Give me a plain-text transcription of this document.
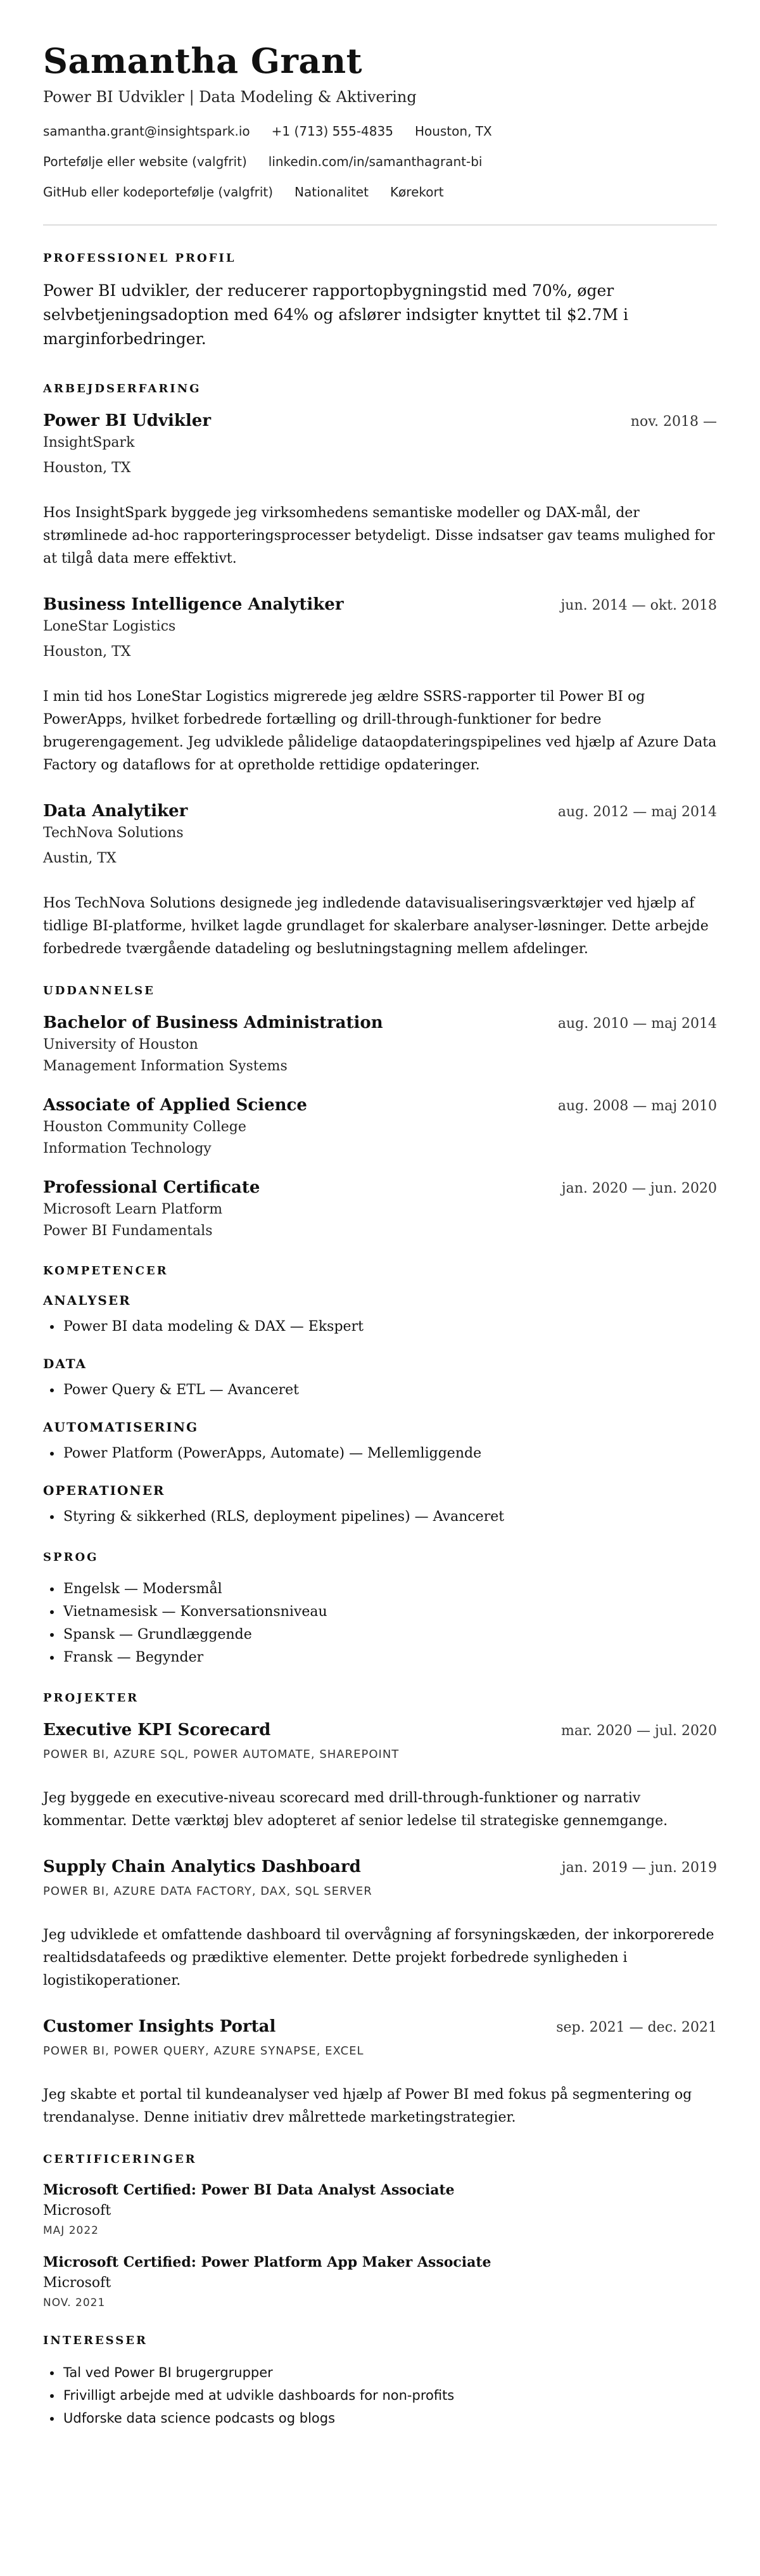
Samantha Grant
Power BI Udvikler | Data Modeling & Aktivering
samantha.grant@insightspark.io +1 (713) 555-4835 Houston, TX
Portefølje eller website (valgfrit) linkedin.com/in/samanthagrant-bi
GitHub eller kodeportefølje (valgfrit) Nationalitet Kørekort
PROFESSIONEL PROFIL

Power BI udvikler, der reducerer rapportopbygningstid med 70%, øger selvbetjeningsadoption med 64% og afslører indsigter knyttet til $2.7M i marginforbedringer.

ARBEJDSERFARING
Power BI Udvikler	nov. 2018 —
InsightSpark
Houston, TX
Hos InsightSpark byggede jeg virksomhedens semantiske modeller og DAX-mål, der strømlinede ad-hoc rapporteringsprocesser betydeligt. Disse indsatser gav teams mulighed for at tilgå data mere effektivt.
Business Intelligence Analytiker	jun. 2014 — okt. 2018
LoneStar Logistics
Houston, TX
I min tid hos LoneStar Logistics migrerede jeg ældre SSRS-rapporter til Power BI og PowerApps, hvilket forbedrede fortælling og drill-through-funktioner for bedre brugerengagement. Jeg udviklede pålidelige dataopdateringspipelines ved hjælp af Azure Data Factory og dataflows for at opretholde rettidige opdateringer.
Data Analytiker	aug. 2012 — maj 2014
TechNova Solutions
Austin, TX
Hos TechNova Solutions designede jeg indledende datavisualiseringsværktøjer ved hjælp af tidlige BI-platforme, hvilket lagde grundlaget for skalerbare analyser-løsninger. Dette arbejde forbedrede tværgående datadeling og beslutningstagning mellem afdelinger.
UDDANNELSE
Bachelor of Business Administration	aug. 2010 — maj 2014
University of Houston
Management Information Systems
Associate of Applied Science	aug. 2008 — maj 2010
Houston Community College
Information Technology
Professional Certificate	jan. 2020 — jun. 2020
Microsoft Learn Platform
Power BI Fundamentals
KOMPETENCER
ANALYSER
• Power BI data modeling & DAX — Ekspert
DATA
• Power Query & ETL — Avanceret
AUTOMATISERING
• Power Platform (PowerApps, Automate) — Mellemliggende
OPERATIONER
• Styring & sikkerhed (RLS, deployment pipelines) — Avanceret
SPROG
• Engelsk — Modersmål
• Vietnamesisk — Konversationsniveau
• Spansk — Grundlæggende
• Fransk — Begynder
PROJEKTER
Executive KPI Scorecard	mar. 2020 — jul. 2020
POWER BI, AZURE SQL, POWER AUTOMATE, SHAREPOINT
Jeg byggede en executive-niveau scorecard med drill-through-funktioner og narrativ kommentar. Dette værktøj blev adopteret af senior ledelse til strategiske gennemgange.
Supply Chain Analytics Dashboard	jan. 2019 — jun. 2019
POWER BI, AZURE DATA FACTORY, DAX, SQL SERVER
Jeg udviklede et omfattende dashboard til overvågning af forsyningskæden, der inkorporerede realtidsdatafeeds og prædiktive elementer. Dette projekt forbedrede synligheden i logistikoperationer.
Customer Insights Portal	sep. 2021 — dec. 2021
POWER BI, POWER QUERY, AZURE SYNAPSE, EXCEL
Jeg skabte et portal til kundeanalyser ved hjælp af Power BI med fokus på segmentering og trendanalyse. Denne initiativ drev målrettede marketingstrategier.
CERTIFICERINGER
Microsoft Certified: Power BI Data Analyst Associate
Microsoft
MAJ 2022
Microsoft Certified: Power Platform App Maker Associate
Microsoft
NOV. 2021
INTERESSER
• Tal ved Power BI brugergrupper
• Frivilligt arbejde med at udvikle dashboards for non-profits
• Udforske data science podcasts og blogs
